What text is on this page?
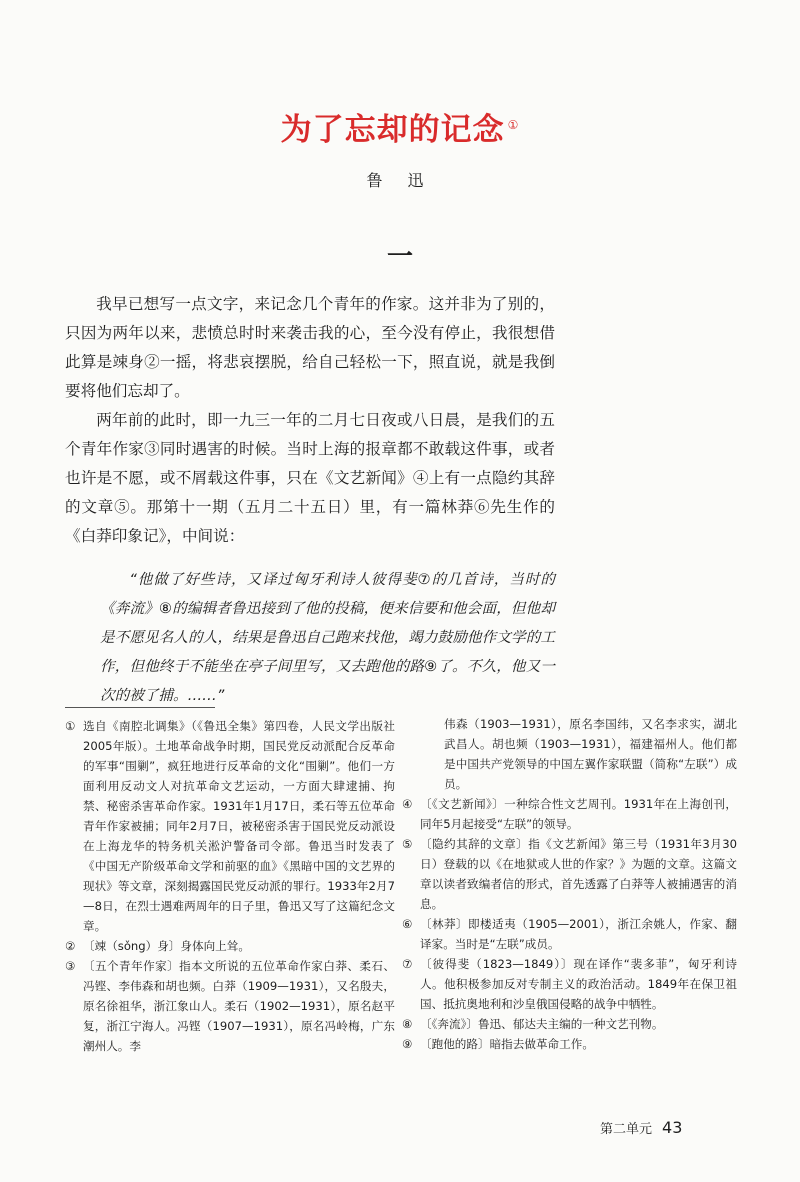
为了忘却的记念 ①
鲁 迅
一

我早已想写一点文字，来记念几个青年的作家。这并非为了别的，只因为两年以来，悲愤总时时来袭击我的心，至今没有停止，我很想借此算是竦身②一摇，将悲哀摆脱，给自己轻松一下，照直说，就是我倒要将他们忘却了。

两年前的此时，即一九三一年的二月七日夜或八日晨，是我们的五个青年作家③同时遇害的时候。当时上海的报章都不敢载这件事，或者也许是不愿，或不屑载这件事，只在《文艺新闻》④上有一点隐约其辞的文章⑤。那第十一期（五月二十五日）里，有一篇林莽⑥先生作的《白莽印象记》，中间说：

“他做了好些诗，又译过匈牙利诗人彼得斐⑦的几首诗，当时的《奔流》⑧的编辑者鲁迅接到了他的投稿，便来信要和他会面，但他却是不愿见名人的人，结果是鲁迅自己跑来找他，竭力鼓励他作文学的工作，但他终于不能坐在亭子间里写，又去跑他的路⑨了。不久，他又一次的被了捕。……”

① 选自《南腔北调集》（《鲁迅全集》第四卷，人民文学出版社2005年版）。土地革命战争时期，国民党反动派配合反革命的军事“围剿”，疯狂地进行反革命的文化“围剿”。他们一方面利用反动文人对抗革命文艺运动，一方面大肆逮捕、拘禁、秘密杀害革命作家。1931年1月17日，柔石等五位革命青年作家被捕；同年2月7日，被秘密杀害于国民党反动派设在上海龙华的特务机关淞沪警备司令部。鲁迅当时发表了《中国无产阶级革命文学和前驱的血》《黑暗中国的文艺界的现状》等文章，深刻揭露国民党反动派的罪行。1933年2月7—8日，在烈士遇难两周年的日子里，鲁迅又写了这篇纪念文章。
② 〔竦（sǒng）身〕身体向上耸。
③ 〔五个青年作家〕指本文所说的五位革命作家白莽、柔石、冯铿、李伟森和胡也频。白莽（1909—1931），又名殷夫，原名徐祖华，浙江象山人。柔石（1902—1931），原名赵平复，浙江宁海人。冯铿（1907—1931），原名冯岭梅，广东潮州人。李
伟森（1903—1931），原名李国纬，又名李求实，湖北武昌人。胡也频（1903—1931），福建福州人。他们都是中国共产党领导的中国左翼作家联盟（简称“左联”）成员。
④ 〔《文艺新闻》〕一种综合性文艺周刊。1931年在上海创刊，同年5月起接受“左联”的领导。
⑤ 〔隐约其辞的文章〕指《文艺新闻》第三号（1931年3月30日）登载的以《在地狱或人世的作家？》为题的文章。这篇文章以读者致编者信的形式，首先透露了白莽等人被捕遇害的消息。
⑥ 〔林莽〕即楼适夷（1905—2001），浙江余姚人，作家、翻译家。当时是“左联”成员。
⑦ 〔彼得斐（1823—1849）〕现在译作“裴多菲”，匈牙利诗人。他积极参加反对专制主义的政治活动。1849年在保卫祖国、抵抗奥地利和沙皇俄国侵略的战争中牺牲。
⑧ 〔《奔流》〕鲁迅、郁达夫主编的一种文艺刊物。
⑨ 〔跑他的路〕暗指去做革命工作。
第二单元 43
